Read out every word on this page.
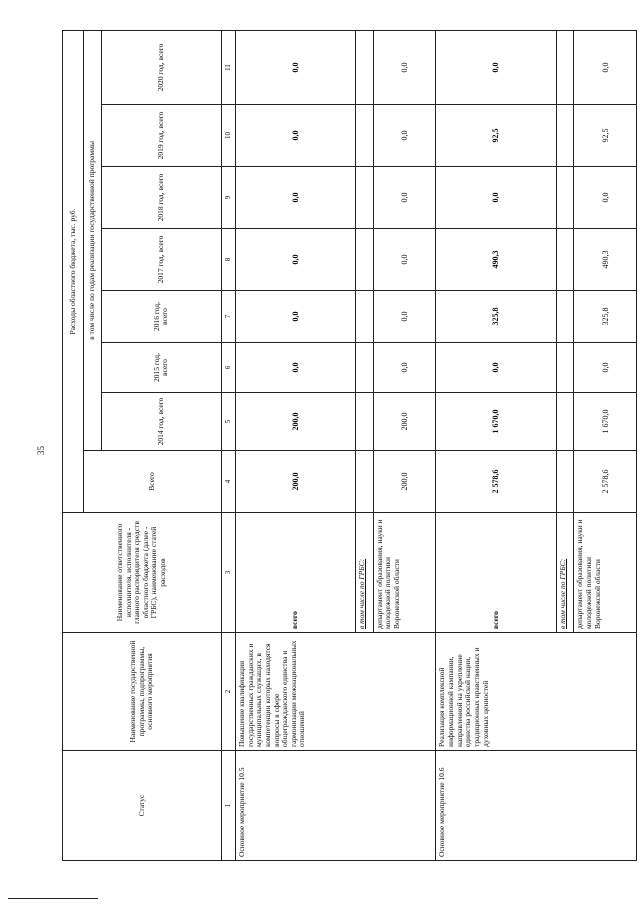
35
Статус	Наименование государственной программы, подпрограммы, основного мероприятия	Наименование ответственного исполнителя, исполнителя - главного распорядителя средств областного бюджета (далее - ГРБС), наименование статей расходов	Расходы областного бюджета, тыс. руб.							
			Всего	в том числе по годам реализации государственной программы						
				2014 год, всего	2015 год, всего	2016 год, всего	2017 год, всего	2018 год, всего	2019 год, всего	2020 год, всего
1	2	3	4	5	6	7	8	9	10	11
Основное мероприятие 10.5	Повышение квалификации государственных гражданских и муниципальных служащих, в компетенции которых находятся вопросы в сфере общегражданского единства и гармонизации межнациональных отношений	всего	200,0	200,0	0,0	0,0	0,0	0,0	0,0	0,0
		в том числе по ГРБС:								
		департамент образования, науки и молодежной политики Воронежской области	200,0	200,0	0,0	0,0	0,0	0,0	0,0	0,0
Основное мероприятие 10.6	Реализация комплексной информационной кампании, направленной на укрепление единства российской нации, традиционных нравственных и духовных ценностей	всего	2 578,6	1 670,0	0,0	325,8	490,3	0,0	92,5	0,0
		в том числе по ГРБС:								
		департамент образования, науки и молодежной политики Воронежской области	2 578,6	1 670,0	0,0	325,8	490,3	0,0	92,5	0,0
